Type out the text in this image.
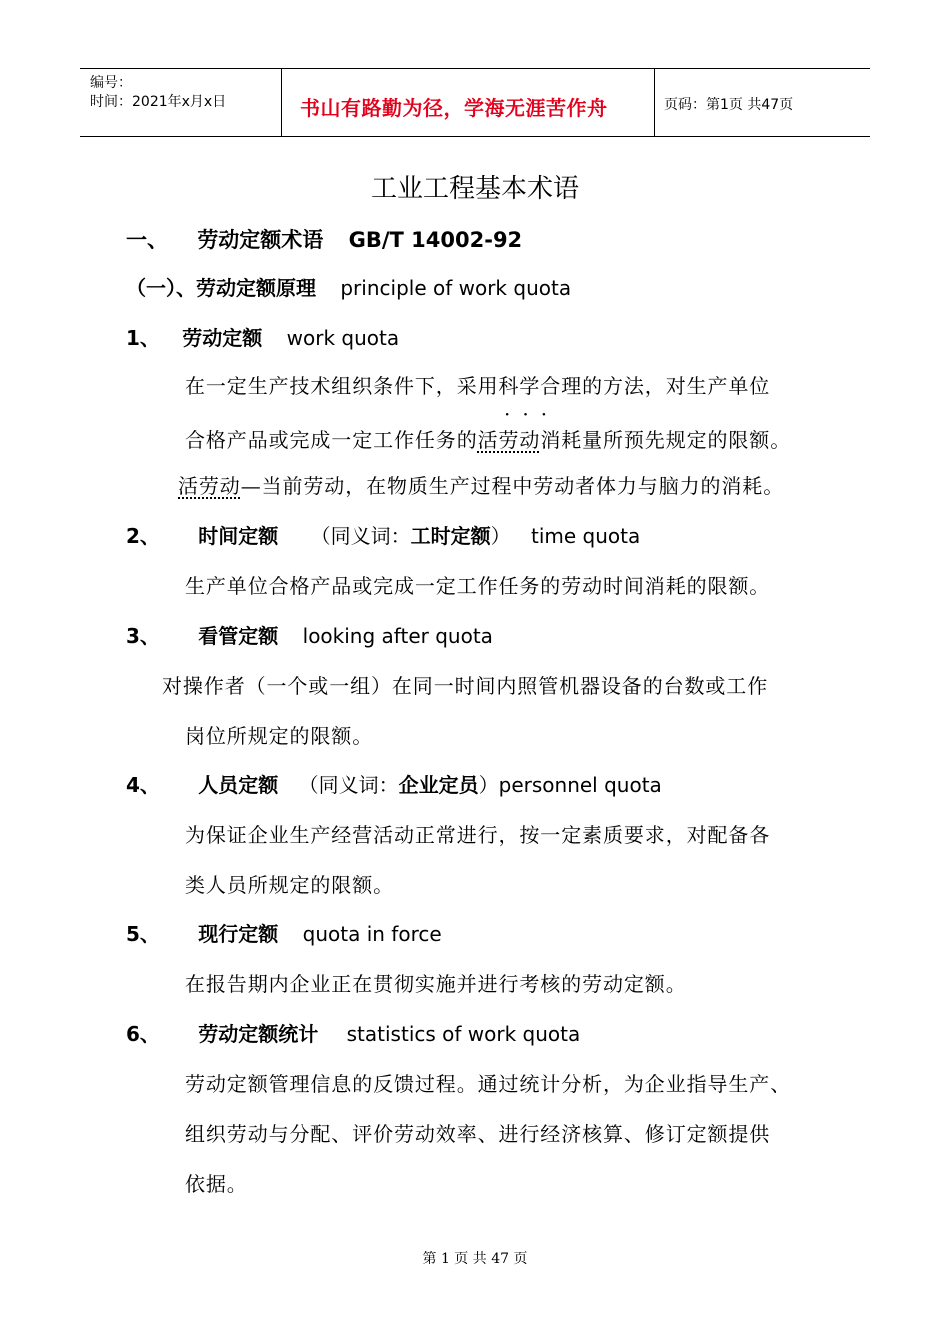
编号：
时间：2021年x月x日	书山有路勤为径，学海无涯苦作舟	页码：第1页 共47页
工业工程基本术语
一、 劳动定额术语 GB/T 14002-92
（一）、劳动定额原理 principle of work quota
1、 劳动定额 work quota
在一定生产技术组织条件下，采用科学合理的方法，对生产单位
···
合格产品或完成一定工作任务的活劳动消耗量所预先规定的限额。
活劳动—当前劳动，在物质生产过程中劳动者体力与脑力的消耗。
2、 时间定额 （同义词：工时定额） time quota
生产单位合格产品或完成一定工作任务的劳动时间消耗的限额。
3、 看管定额 looking after quota
对操作者（一个或一组）在同一时间内照管机器设备的台数或工作
岗位所规定的限额。
4、 人员定额 （同义词：企业定员）personnel quota
为保证企业生产经营活动正常进行，按一定素质要求，对配备各
类人员所规定的限额。
5、 现行定额 quota in force
在报告期内企业正在贯彻实施并进行考核的劳动定额。
6、 劳动定额统计 statistics of work quota
劳动定额管理信息的反馈过程。通过统计分析，为企业指导生产、
组织劳动与分配、评价劳动效率、进行经济核算、修订定额提供
依据。
第 1 页 共 47 页
